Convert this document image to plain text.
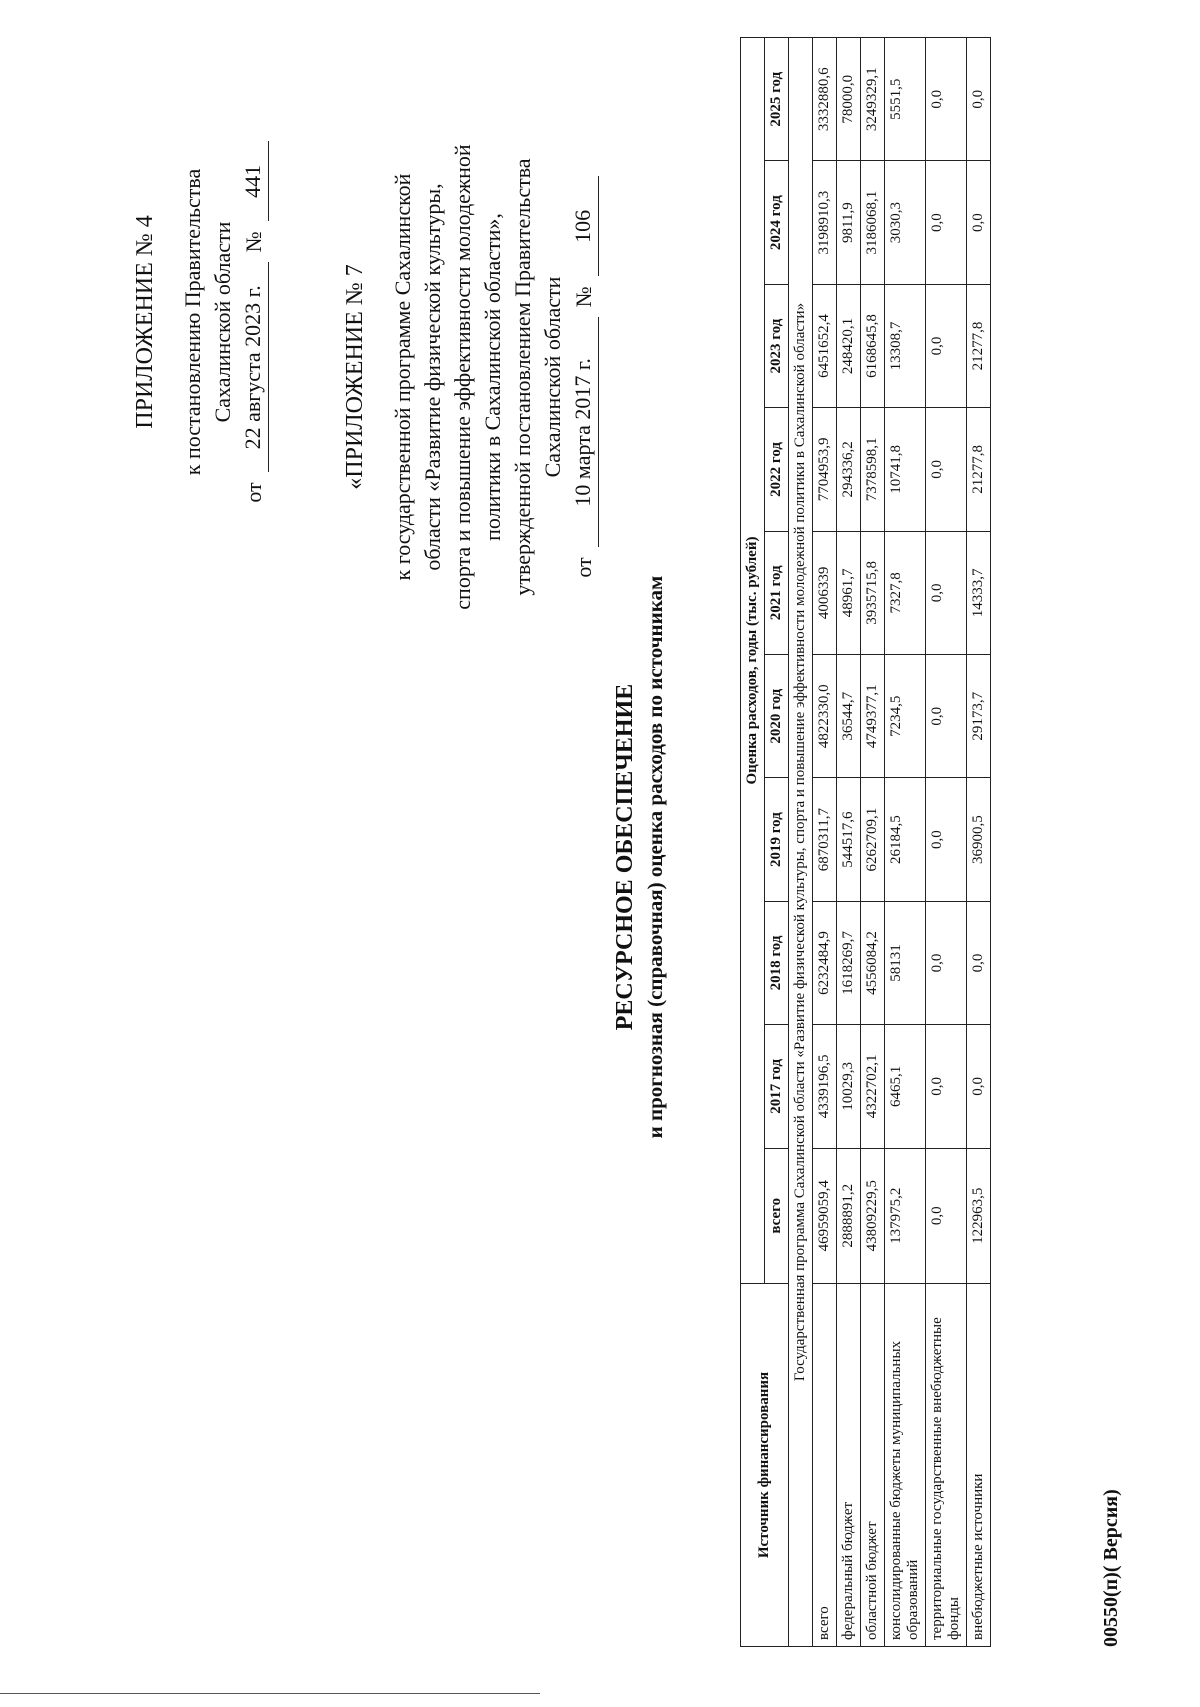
ПРИЛОЖЕНИЕ № 4 к постановлению Правительства Сахалинской области
от
22 августа 2023 г.
№
441
«ПРИЛОЖЕНИЕ № 7 к государственной программе Сахалинской области «Развитие физической культуры, спорта и повышение эффективности молодежной политики в Сахалинской области», утвержденной постановлением Правительства Сахалинской области
от
10 марта 2017 г.
№
106
РЕСУРСНОЕ ОБЕСПЕЧЕНИЕ и прогнозная (справочная) оценка расходов по источникам
Источник финансирования	Оценка расходов, годы (тыс. рублей)									
	всего	2017 год	2018 год	2019 год	2020 год	2021 год	2022 год	2023 год	2024 год	2025 год
Государственная программа Сахалинской области «Развитие физической культуры, спорта и повышение эффективности молодежной политики в Сахалинской области»										
всего	46959059,4	4339196,5	6232484,9	6870311,7	4822330,0	4006339	7704953,9	6451652,4	3198910,3	3332880,6
федеральный бюджет	2888891,2	10029,3	1618269,7	544517,6	36544,7	48961,7	294336,2	248420,1	9811,9	78000,0
областной бюджет	43809229,5	4322702,1	4556084,2	6262709,1	4749377,1	3935715,8	7378598,1	6168645,8	3186068,1	3249329,1
консолидированные бюджеты муниципальных образований	137975,2	6465,1	58131	26184,5	7234,5	7327,8	10741,8	13308,7	3030,3	5551,5
территориальные государственные внебюджетные фонды	0,0	0,0	0,0	0,0	0,0	0,0	0,0	0,0	0,0	0,0
внебюджетные источники	122963,5	0,0	0,0	36900,5	29173,7	14333,7	21277,8	21277,8	0,0	0,0
00550(п)( Версия)
